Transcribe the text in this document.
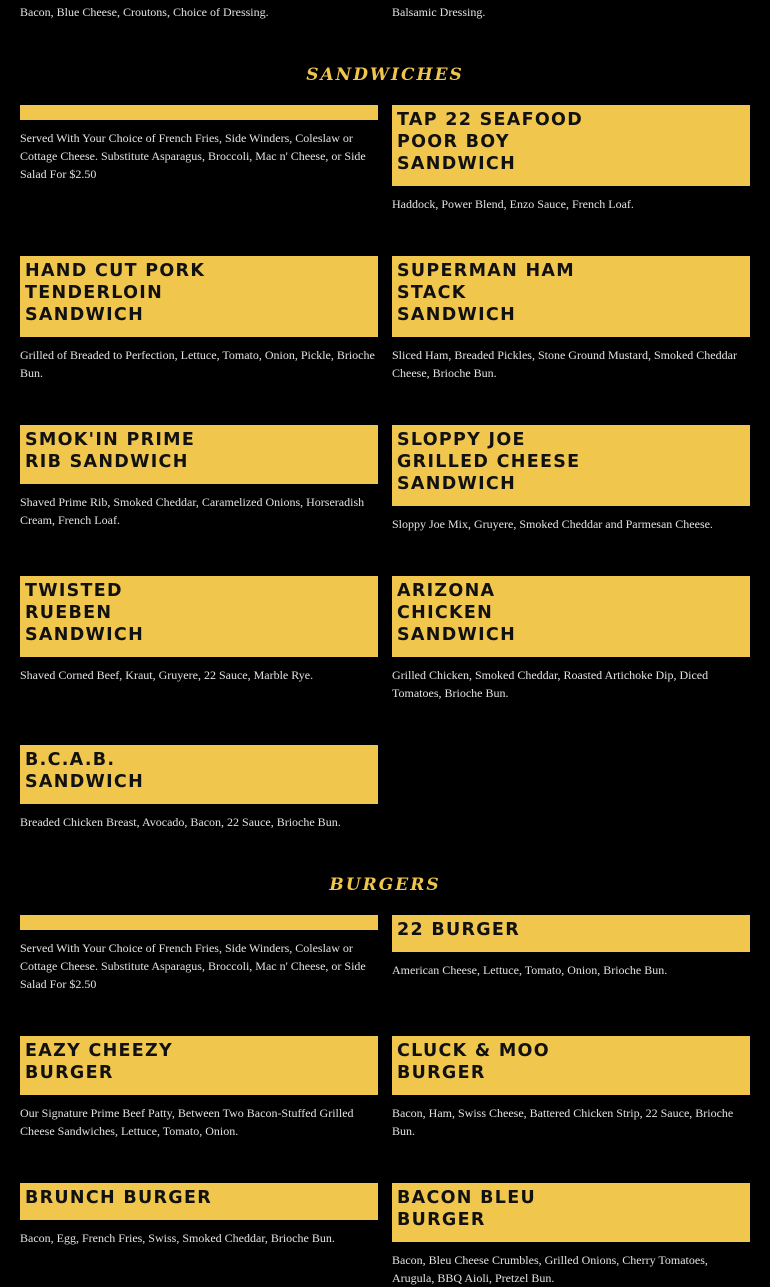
Bacon, Blue Cheese, Croutons, Choice of Dressing.	Balsamic Dressing.

SANDWICHES

Served With Your Choice of French Fries, Side Winders, Coleslaw or Cottage Cheese. Substitute Asparagus, Broccoli, Mac n' Cheese, or Side Salad For $2.50

TAP 22 SEAFOOD
POOR BOY
SANDWICH

Haddock, Power Blend, Enzo Sauce, French Loaf.

HAND CUT PORK
TENDERLOIN
SANDWICH

Grilled of Breaded to Perfection, Lettuce, Tomato, Onion, Pickle, Brioche Bun.

SUPERMAN HAM
STACK
SANDWICH

Sliced Ham, Breaded Pickles, Stone Ground Mustard, Smoked Cheddar Cheese, Brioche Bun.

SMOK'IN PRIME
RIB SANDWICH

Shaved Prime Rib, Smoked Cheddar, Caramelized Onions, Horseradish Cream, French Loaf.

SLOPPY JOE
GRILLED CHEESE
SANDWICH

Sloppy Joe Mix, Gruyere, Smoked Cheddar and Parmesan Cheese.

TWISTED
RUEBEN
SANDWICH

Shaved Corned Beef, Kraut, Gruyere, 22 Sauce, Marble Rye.

ARIZONA
CHICKEN
SANDWICH

Grilled Chicken, Smoked Cheddar, Roasted Artichoke Dip, Diced Tomatoes, Brioche Bun.

B.C.A.B.
SANDWICH

Breaded Chicken Breast, Avocado, Bacon, 22 Sauce, Brioche Bun.

BURGERS

Served With Your Choice of French Fries, Side Winders, Coleslaw or Cottage Cheese. Substitute Asparagus, Broccoli, Mac n' Cheese, or Side Salad For $2.50

22 BURGER

American Cheese, Lettuce, Tomato, Onion, Brioche Bun.

EAZY CHEEZY
BURGER

Our Signature Prime Beef Patty, Between Two Bacon-Stuffed Grilled Cheese Sandwiches, Lettuce, Tomato, Onion.

CLUCK & MOO
BURGER

Bacon, Ham, Swiss Cheese, Battered Chicken Strip, 22 Sauce, Brioche Bun.

BRUNCH BURGER

Bacon, Egg, French Fries, Swiss, Smoked Cheddar, Brioche Bun.

BACON BLEU
BURGER

Bacon, Bleu Cheese Crumbles, Grilled Onions, Cherry Tomatoes, Arugula, BBQ Aioli, Pretzel Bun.
